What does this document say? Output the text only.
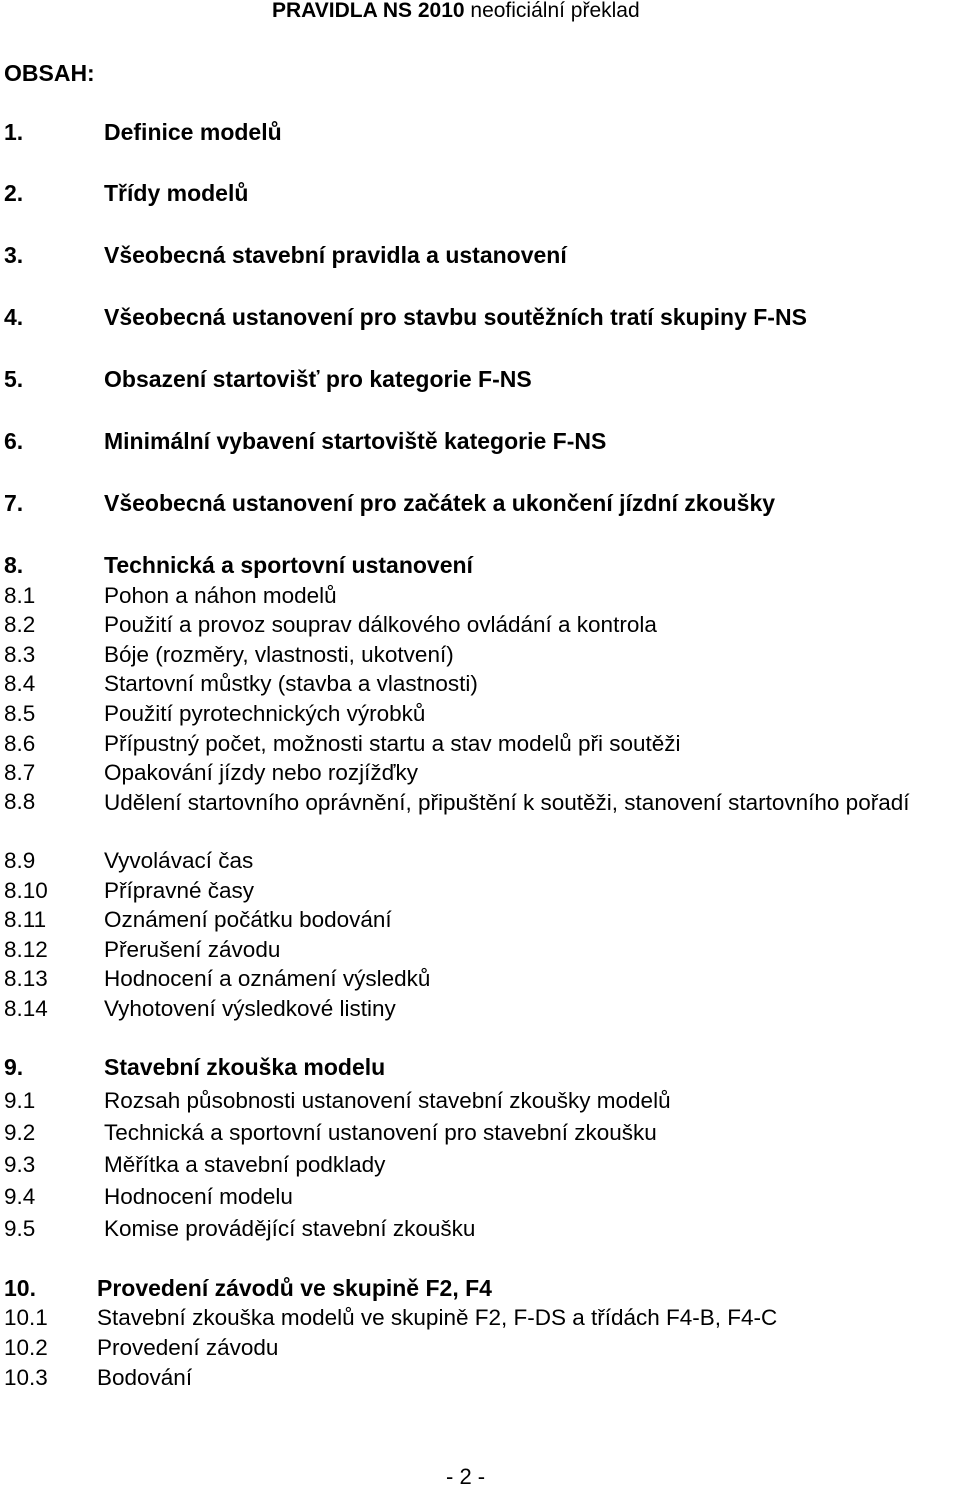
PRAVIDLA NS 2010 neoficiální překlad
OBSAH:
1.	Definice modelů
2.	Třídy modelů
3.	Všeobecná stavební pravidla a ustanovení
4.	Všeobecná ustanovení pro stavbu soutěžních tratí skupiny F-NS
5.	Obsazení startovišť pro kategorie F-NS
6.	Minimální vybavení startoviště kategorie F-NS
7.	Všeobecná ustanovení pro začátek a ukončení jízdní zkoušky
8.	Technická a sportovní ustanovení
8.1	Pohon a náhon modelů
8.2	Použití a provoz souprav dálkového ovládání a kontrola
8.3	Bóje (rozměry, vlastnosti, ukotvení)
8.4	Startovní můstky (stavba a vlastnosti)
8.5	Použití pyrotechnických výrobků
8.6	Přípustný počet, možnosti startu a stav modelů při soutěži
8.7	Opakování jízdy nebo rozjížďky
8.8	Udělení startovního oprávnění, připuštění k soutěži, stanovení startovního pořadí
8.9	Vyvolávací čas
8.10 Přípravné časy
8.11	Oznámení počátku bodování
8.12 Přerušení závodu
8.13 Hodnocení a oznámení výsledků
8.14 Vyhotovení výsledkové listiny
9.	Stavební zkouška modelu
9.1	Rozsah působnosti ustanovení stavební zkoušky modelů
9.2	Technická a sportovní ustanovení pro stavební zkoušku
9.3	Měřítka a stavební podklady
9.4	Hodnocení modelu
9.5	Komise provádějící stavební zkoušku
10.	Provedení závodů ve skupině F2, F4
10.1 Stavební zkouška modelů ve skupině F2, F-DS a třídách F4-B, F4-C
10.2 Provedení závodu
10.3 Bodování
- 2 -
